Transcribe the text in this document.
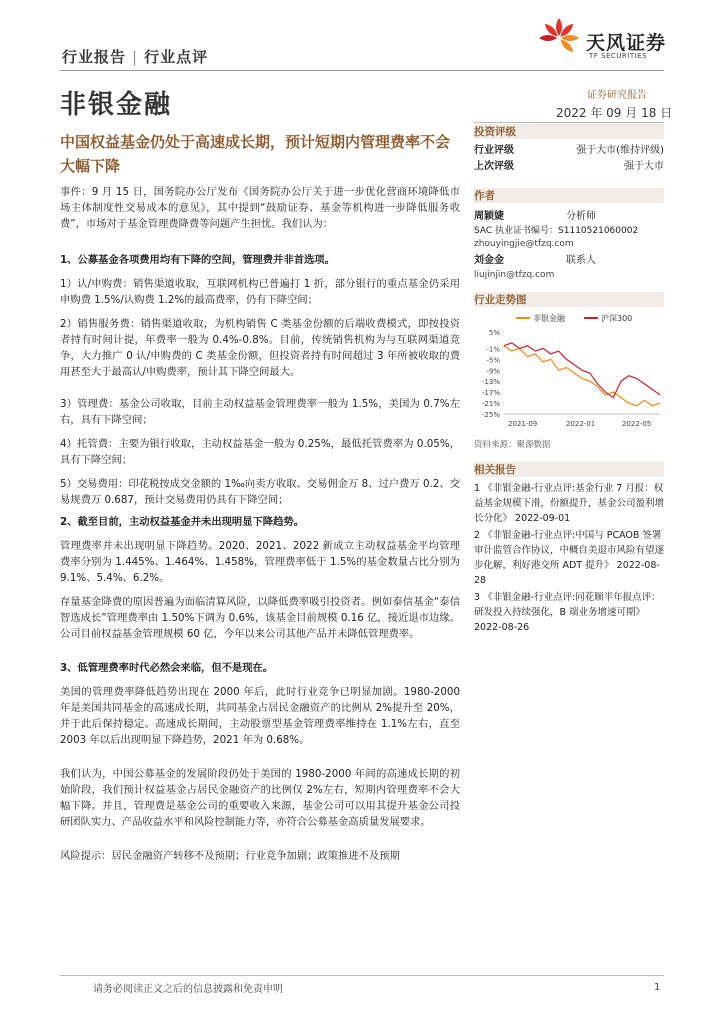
行业报告 | 行业点评
天风证券
TF SECURITIES
非银金融	证券研究报告
2022 年 09 月 18 日
中国权益基金仍处于高速成长期，预计短期内管理费率不会大幅下降
事件：9 月 15 日，国务院办公厅发布《国务院办公厅关于进一步优化营商环境降低市场主体制度性交易成本的意见》，其中提到“鼓励证券、基金等机构进一步降低服务收费”，市场对于基金管理费降费等问题产生担忧。我们认为：
1、公募基金各项费用均有下降的空间，管理费并非首选项。
1）认/申购费：销售渠道收取，互联网机构已普遍打 1 折，部分银行的重点基金仍采用申购费 1.5%/认购费 1.2%的最高费率，仍有下降空间；
2）销售服务费：销售渠道收取，为机构销售 C 类基金份额的后端收费模式，即按投资者持有时间计提，年费率一般为 0.4%-0.8%。目前，传统销售机构为与互联网渠道竞争，大力推广 0 认/申购费的 C 类基金份额，但投资者持有时间超过 3 年所被收取的费用甚至大于最高认/申购费率，预计其下降空间最大。
3）管理费：基金公司收取，目前主动权益基金管理费率一般为 1.5%，美国为 0.7%左右，具有下降空间；
4）托管费：主要为银行收取，主动权益基金一般为 0.25%，最低托管费率为 0.05%，具有下降空间；
5）交易费用：印花税按成交金额的 1‰向卖方收取、交易佣金万 8、过户费万 0.2、交易规费万 0.687，预计交易费用仍具有下降空间；
2、截至目前，主动权益基金并未出现明显下降趋势。
管理费率并未出现明显下降趋势。2020、2021、2022 新成立主动权益基金平均管理费率分别为 1.445%、1.464%、1.458%，管理费率低于 1.5%的基金数量占比分别为 9.1%、5.4%、6.2%。
存量基金降费的原因普遍为面临清算风险，以降低费率吸引投资者。例如泰信基金“泰信智选成长”管理费率由 1.50%下调为 0.6%，该基金目前规模 0.16 亿，接近退市边缘。公司目前权益基金管理规模 60 亿，今年以来公司其他产品并未降低管理费率。
3、低管理费率时代必然会来临，但不是现在。
美国的管理费率降低趋势出现在 2000 年后，此时行业竞争已明显加剧。1980-2000 年是美国共同基金的高速成长期，共同基金占居民金融资产的比例从 2%提升至 20%，并于此后保持稳定。高速成长期间，主动股票型基金管理费率维持在 1.1%左右，直至 2003 年以后出现明显下降趋势，2021 年为 0.68%。
我们认为，中国公募基金的发展阶段仍处于美国的 1980-2000 年间的高速成长期的初始阶段，我们预计权益基金占居民金融资产的比例仅 2%左右，短期内管理费率不会大幅下降。并且，管理费是基金公司的重要收入来源，基金公司可以用其提升基金公司投研团队实力、产品收益水平和风险控制能力等，亦符合公募基金高质量发展要求。
风险提示：居民金融资产转移不及预期；行业竞争加剧；政策推进不及预期
投资评级
行业评级	强于大市(维持评级)
上次评级	强于大市
作者
周颖婕	分析师
SAC 执业证书编号：S1110521060002
zhouyingjie@tfzq.com
刘金金	联系人
liujinjin@tfzq.com
行业走势图
非银金融	沪深300
5%
-1%
-5%
-9%
-13%
-17%
-21%
-25%
2021-09	2022-01	2022-05
资料来源：聚源数据
相关报告

1 《非银金融-行业点评:基金行业 7 月报：权益基金规模下滑，份额提升，基金公司盈利增长分化》 2022-09-01

2 《非银金融-行业点评:中国与 PCAOB 签署审计监管合作协议，中概自美退市风险有望逐步化解，利好港交所 ADT 提升》 2022-08-28

3 《非银金融-行业点评:同花顺半年报点评：研发投入持续强化，B 端业务增速可期》 2022-08-26

请务必阅读正文之后的信息披露和免责申明	1
